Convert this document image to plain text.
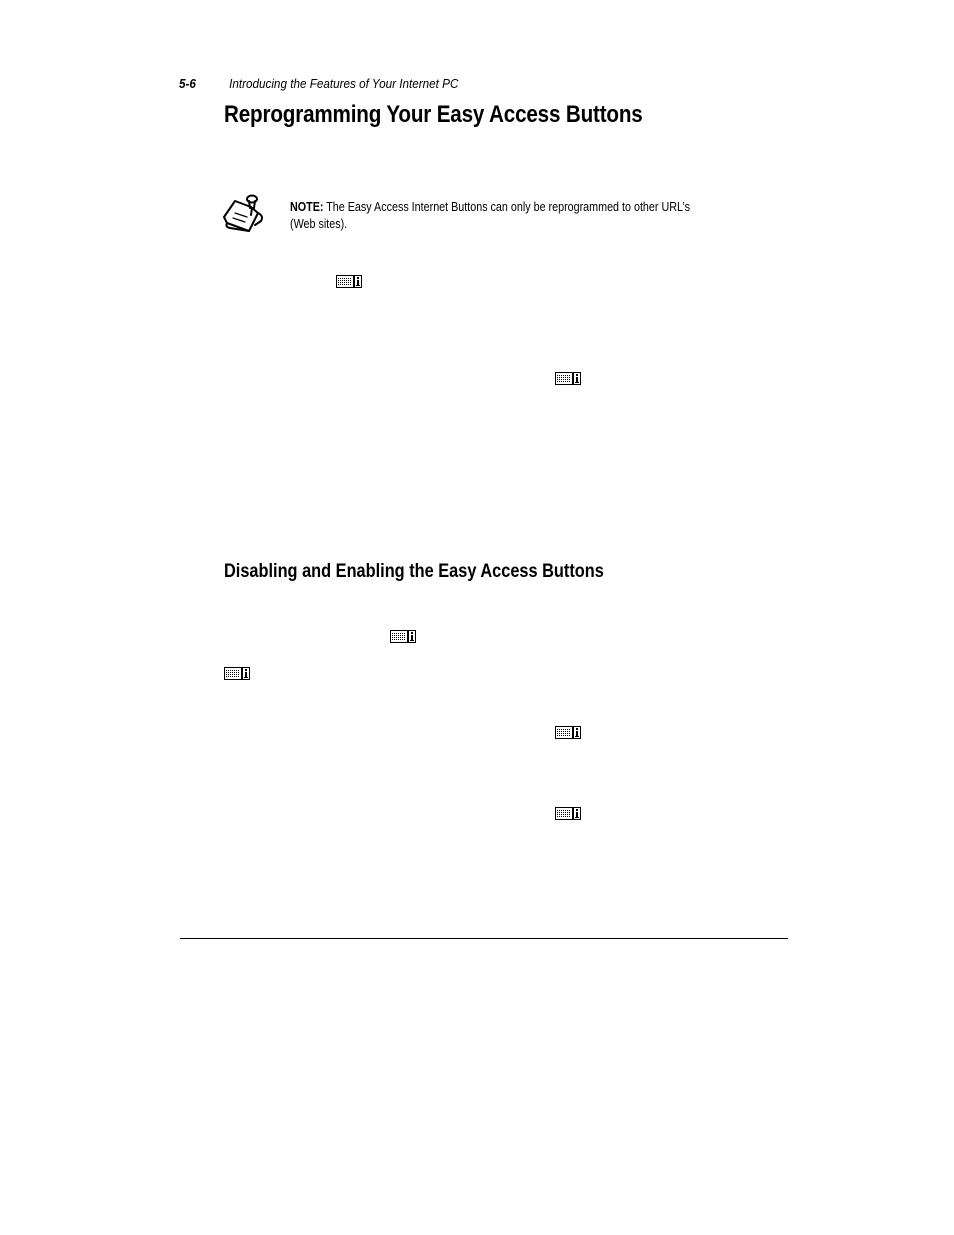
5-6	Introducing the Features of Your Internet PC
Reprogramming Your Easy Access Buttons
NOTE: The Easy Access Internet Buttons can only be reprogrammed to other URL’s
(Web sites).
Disabling and Enabling the Easy Access Buttons
